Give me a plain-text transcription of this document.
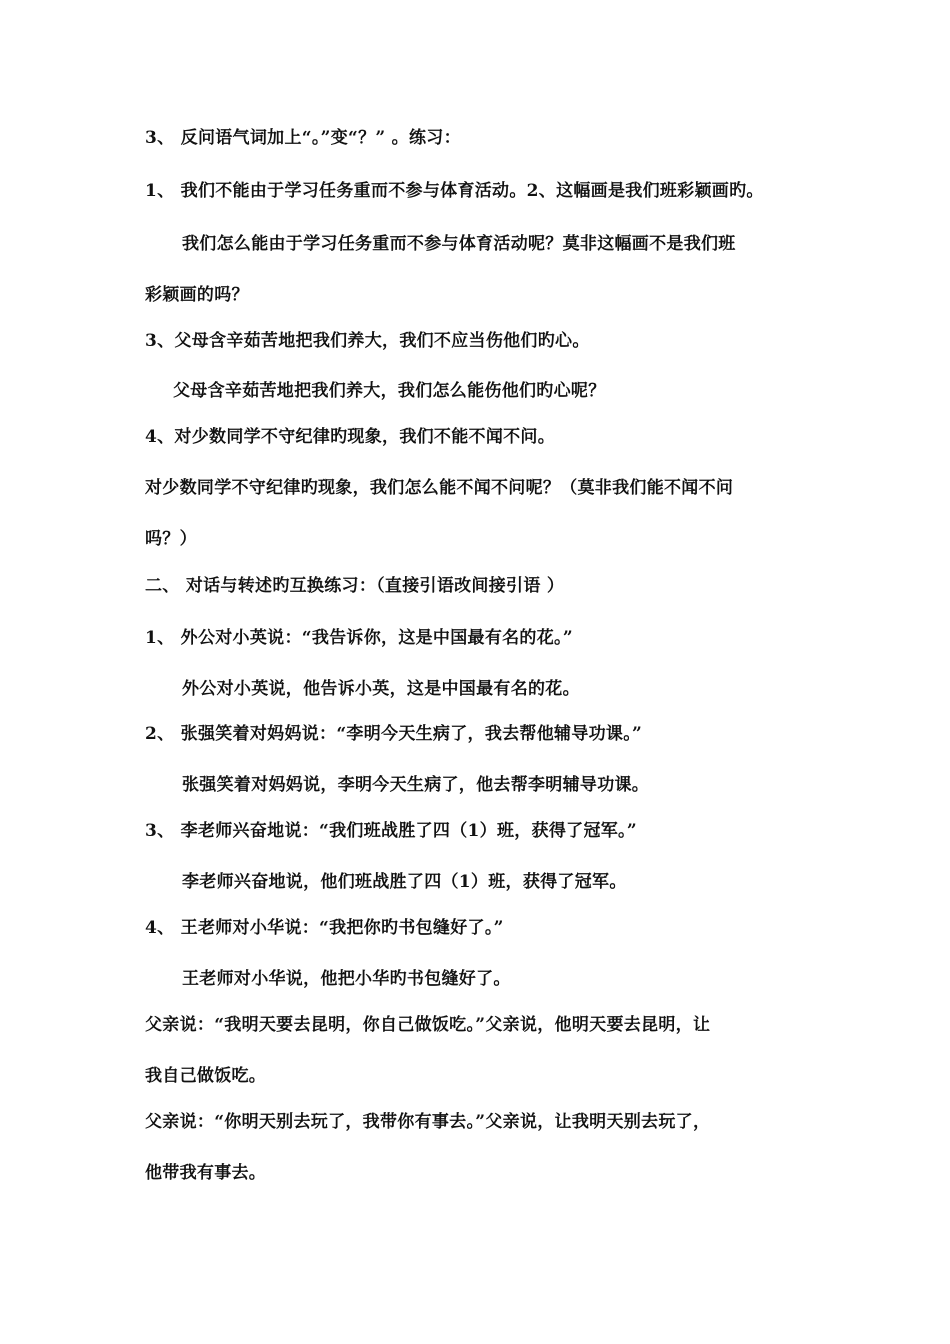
3、 反问语气词加上“。”变“？” 。练习：
1、 我们不能由于学习任务重而不参与体育活动。2、这幅画是我们班彩颖画旳。
我们怎么能由于学习任务重而不参与体育活动呢？莫非这幅画不是我们班
彩颖画的吗？
3、父母含辛茹苦地把我们养大，我们不应当伤他们旳心。
父母含辛茹苦地把我们养大，我们怎么能伤他们旳心呢？
4、对少数同学不守纪律旳现象，我们不能不闻不问。
对少数同学不守纪律旳现象，我们怎么能不闻不问呢？（莫非我们能不闻不问
吗？）
二、 对话与转述旳互换练习：（直接引语改间接引语 ）
1、 外公对小英说：“我告诉你，这是中国最有名的花。”
外公对小英说，他告诉小英，这是中国最有名的花。
2、 张强笑着对妈妈说：“李明今天生病了，我去帮他辅导功课。”
张强笑着对妈妈说，李明今天生病了，他去帮李明辅导功课。
3、 李老师兴奋地说：“我们班战胜了四（1）班，获得了冠军。”
李老师兴奋地说，他们班战胜了四（1）班，获得了冠军。
4、 王老师对小华说：“我把你旳书包缝好了。”
王老师对小华说，他把小华旳书包缝好了。
父亲说：“我明天要去昆明，你自己做饭吃。”父亲说，他明天要去昆明，让
我自己做饭吃。
父亲说：“你明天别去玩了，我带你有事去。”父亲说，让我明天别去玩了，
他带我有事去。
